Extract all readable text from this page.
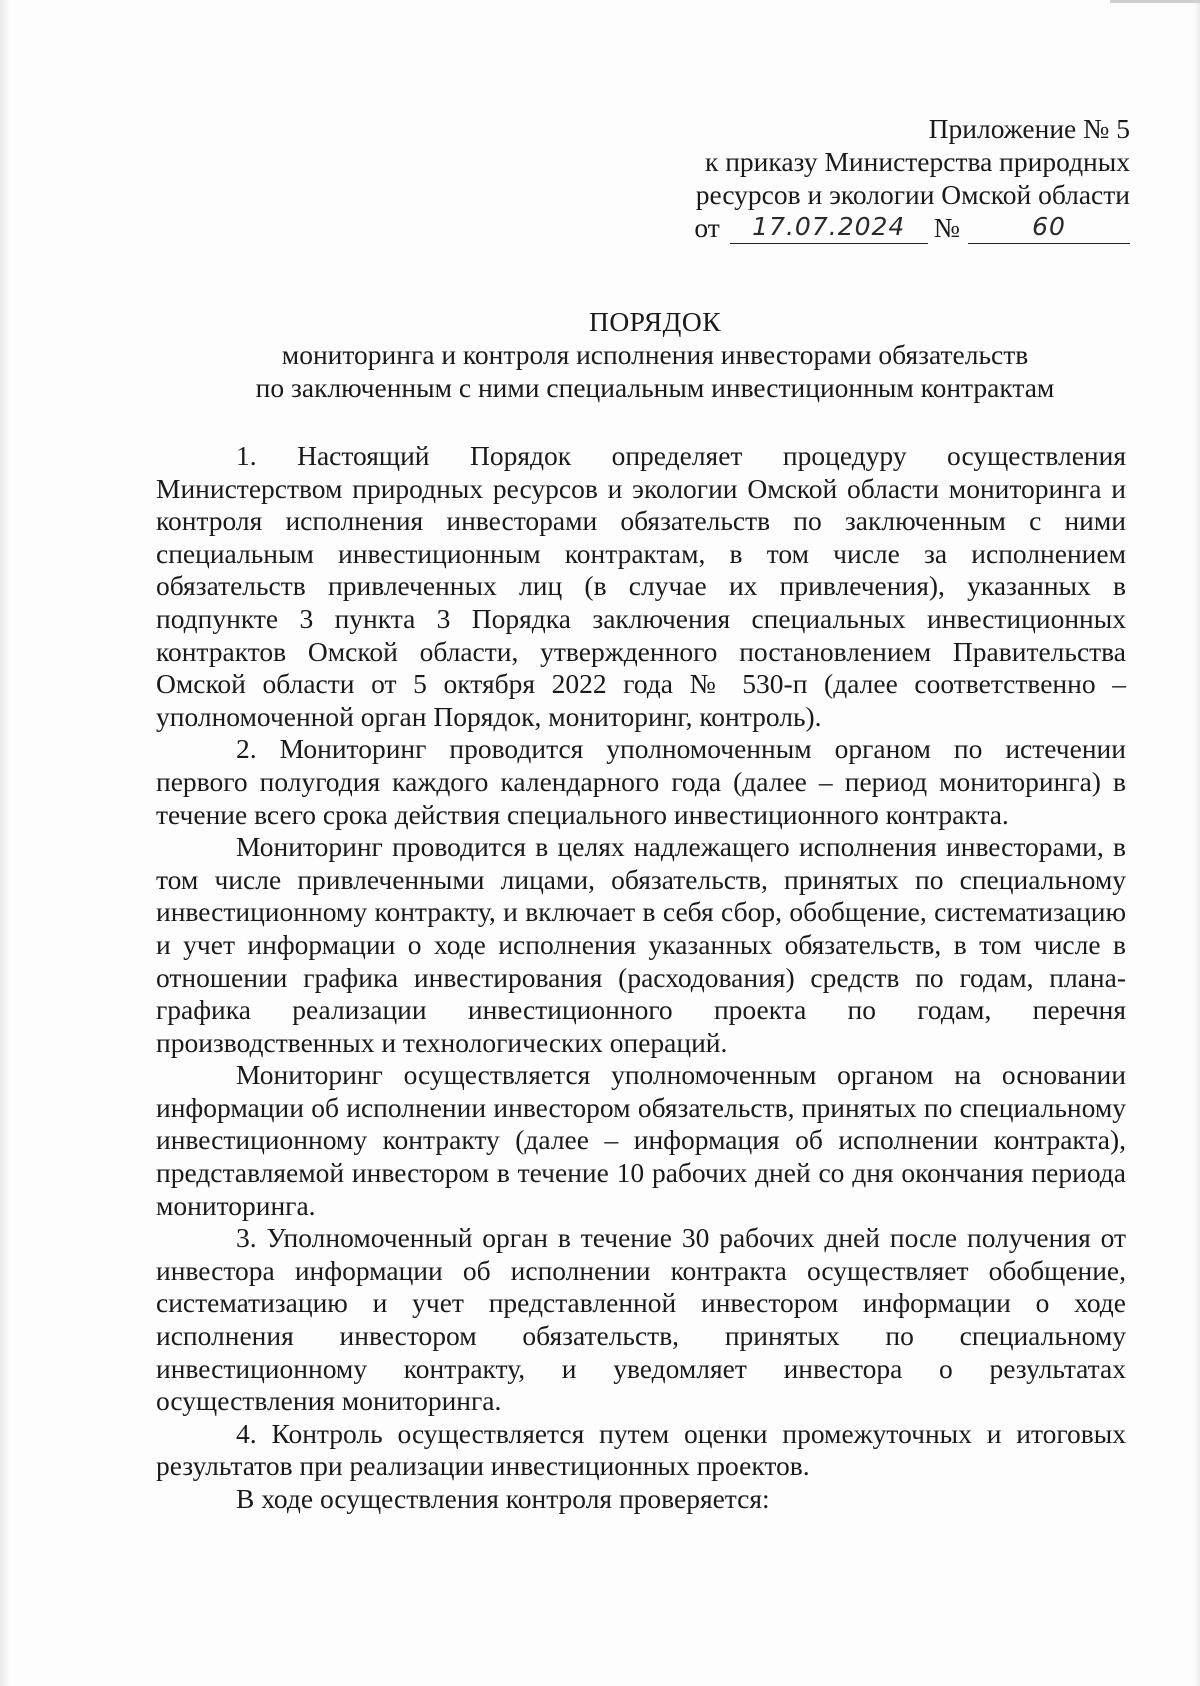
Приложение № 5
к приказу Министерства природных
ресурсов и экологии Омской области
от	17.07.2024	№	60
ПОРЯДОК
мониторинга и контроля исполнения инвесторами обязательств
по заключенным с ними специальным инвестиционным контрактам

1. Настоящий Порядок определяет процедуру осуществления Министерством природных ресурсов и экологии Омской области мониторинга и контроля исполнения инвесторами обязательств по заключенным с ними специальным инвестиционным контрактам, в том числе за исполнением обязательств привлеченных лиц (в случае их привлечения), указанных в подпункте 3 пункта 3 Порядка заключения специальных инвестиционных контрактов Омской области, утвержденного постановлением Правительства Омской области от 5 октября 2022 года № 530-п (далее соответственно – уполномоченной орган Порядок, мониторинг, контроль).

2. Мониторинг проводится уполномоченным органом по истечении первого полугодия каждого календарного года (далее – период мониторинга) в течение всего срока действия специального инвестиционного контракта.

Мониторинг проводится в целях надлежащего исполнения инвесторами, в том числе привлеченными лицами, обязательств, принятых по специальному инвестиционному контракту, и включает в себя сбор, обобщение, систематизацию и учет информации о ходе исполнения указанных обязательств, в том числе в отношении графика инвестирования (расходования) средств по годам, плана-графика реализации инвестиционного проекта по годам, перечня производственных и технологических операций.

Мониторинг осуществляется уполномоченным органом на основании информации об исполнении инвестором обязательств, принятых по специальному инвестиционному контракту (далее – информация об исполнении контракта), представляемой инвестором в течение 10 рабочих дней со дня окончания периода мониторинга.

3. Уполномоченный орган в течение 30 рабочих дней после получения от инвестора информации об исполнении контракта осуществляет обобщение, систематизацию и учет представленной инвестором информации о ходе исполнения инвестором обязательств, принятых по специальному инвестиционному контракту, и уведомляет инвестора о результатах осуществления мониторинга.

4. Контроль осуществляется путем оценки промежуточных и итоговых результатов при реализации инвестиционных проектов.

В ходе осуществления контроля проверяется:
